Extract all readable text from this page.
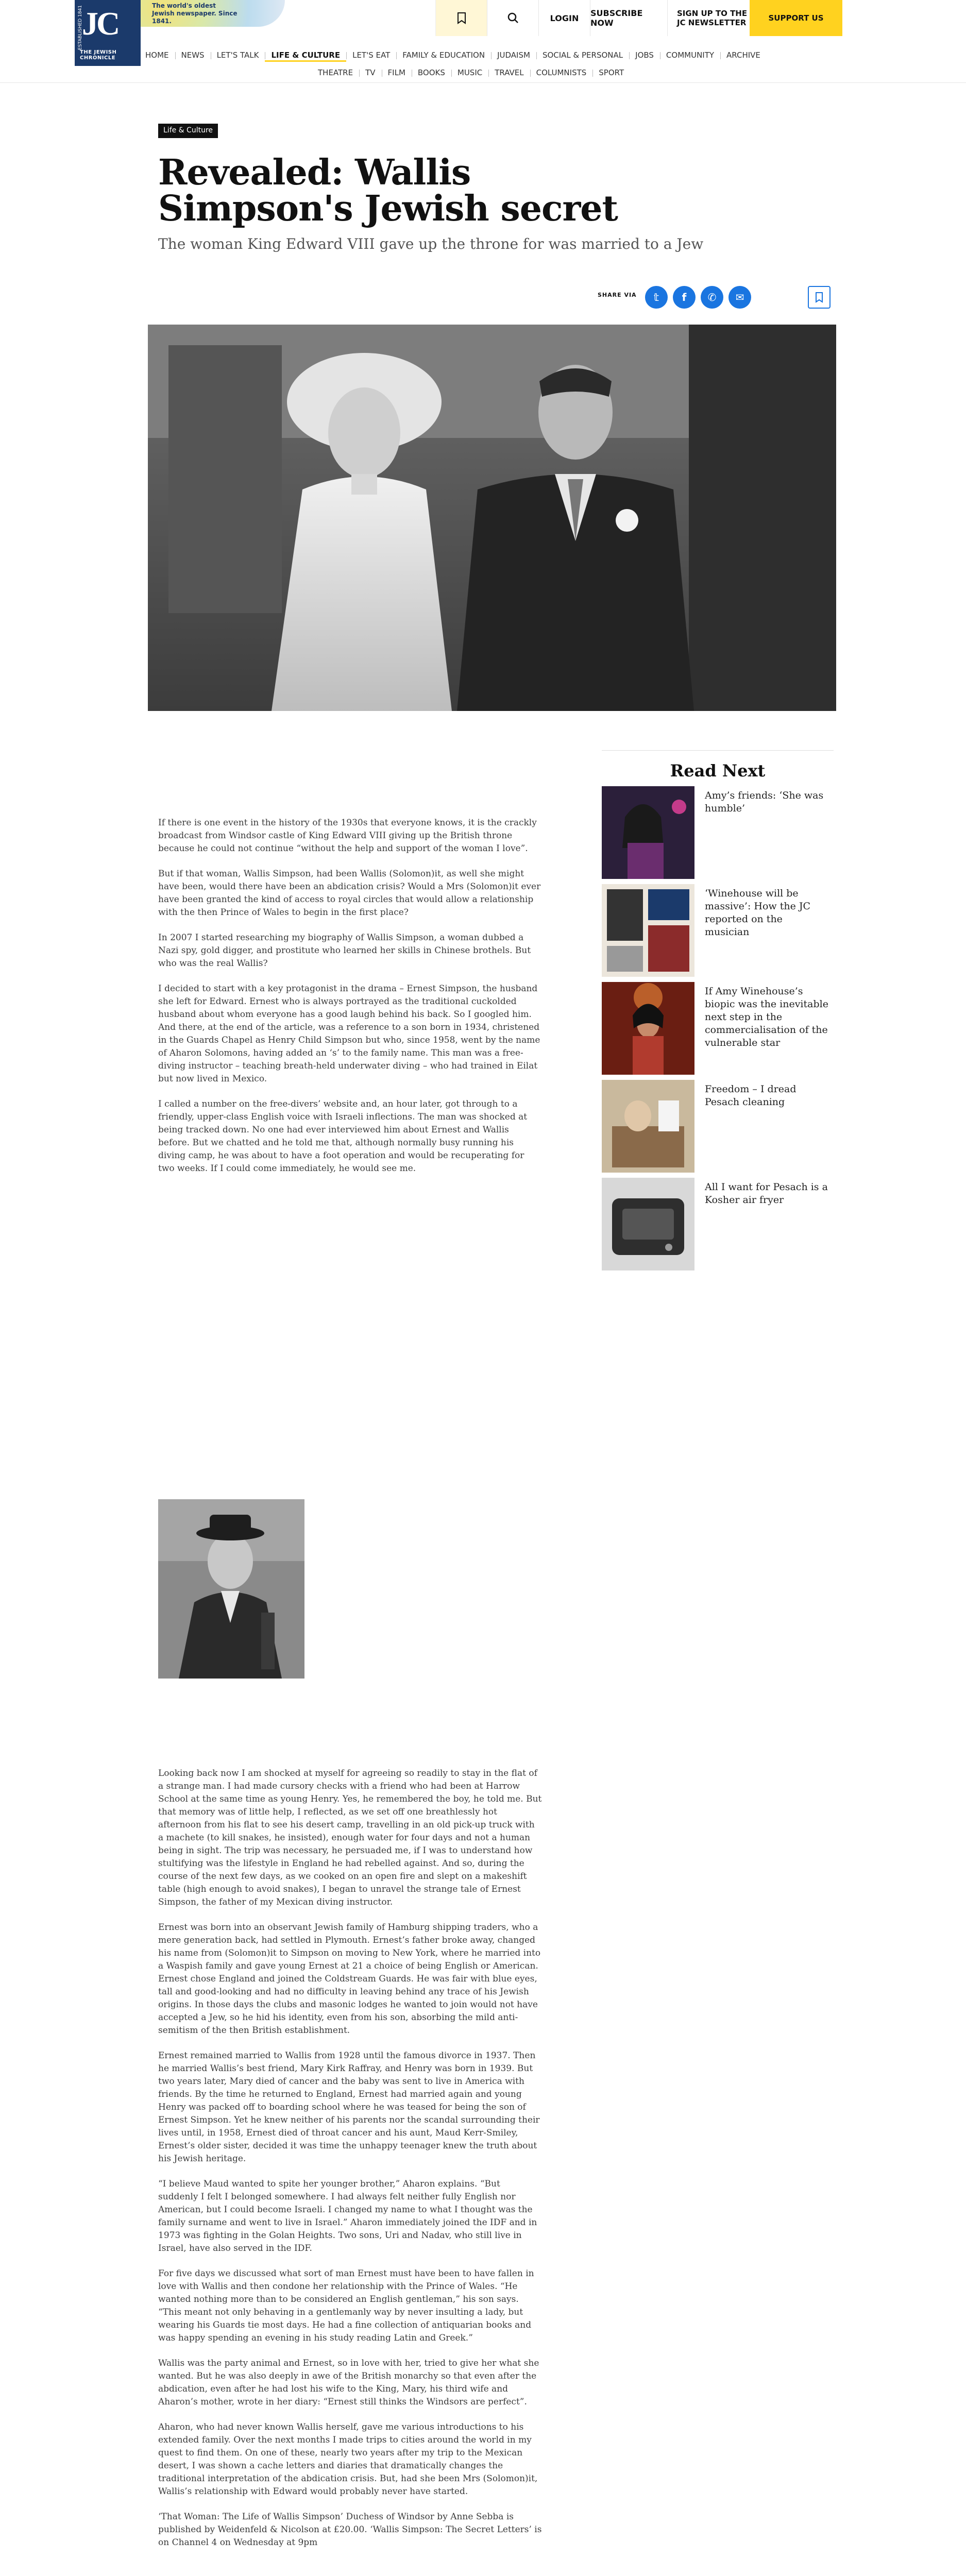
The world's oldest Jewish newspaper. Since 1841.
ESTABLISHED 1841
JC
THE JEWISH CHRONICLE
LOGIN	SUBSCRIBE NOW
SIGN UP TO THE JC NEWSLETTER	SUPPORT US
HOME	NEWS	LET'S TALK	LIFE & CULTURE	LET'S EAT	FAMILY & EDUCATION	JUDAISM	SOCIAL & PERSONAL	JOBS	COMMUNITY	ARCHIVE
THEATRE	TV	FILM	BOOKS	MUSIC	TRAVEL	COLUMNISTS	SPORT
Life & Culture
Revealed: Wallis Simpson's Jewish secret
The woman King Edward VIII gave up the throne for was married to a Jew
SHARE VIA 𝕥 f ✆ ✉
Read Next
Amy’s friends: ‘She was humble’
‘Winehouse will be massive’: How the JC reported on the musician
If Amy Winehouse’s biopic was the inevitable next step in the commercialisation of the vulnerable star
Freedom – I dread Pesach cleaning
All I want for Pesach is a Kosher air fryer

If there is one event in the history of the 1930s that everyone knows, it is the crackly broadcast from Windsor castle of King Edward VIII giving up the British throne because he could not continue “without the help and support of the woman I love”.

But if that woman, Wallis Simpson, had been Wallis (Solomon)it, as well she might have been, would there have been an abdication crisis? Would a Mrs (Solomon)it ever have been granted the kind of access to royal circles that would allow a relationship with the then Prince of Wales to begin in the first place?

In 2007 I started researching my biography of Wallis Simpson, a woman dubbed a Nazi spy, gold digger, and prostitute who learned her skills in Chinese brothels. But who was the real Wallis?

I decided to start with a key protagonist in the drama – Ernest Simpson, the husband she left for Edward. Ernest who is always portrayed as the traditional cuckolded husband about whom everyone has a good laugh behind his back. So I googled him. And there, at the end of the article, was a reference to a son born in 1934, christened in the Guards Chapel as Henry Child Simpson but who, since 1958, went by the name of Aharon Solomons, having added an ‘s’ to the family name. This man was a free-diving instructor – teaching breath-held underwater diving – who had trained in Eilat but now lived in Mexico.

I called a number on the free-divers’ website and, an hour later, got through to a friendly, upper-class English voice with Israeli inflections. The man was shocked at being tracked down. No one had ever interviewed him about Ernest and Wallis before. But we chatted and he told me that, although normally busy running his diving camp, he was about to have a foot operation and would be recuperating for two weeks. If I could come immediately, he would see me.

Looking back now I am shocked at myself for agreeing so readily to stay in the flat of a strange man. I had made cursory checks with a friend who had been at Harrow School at the same time as young Henry. Yes, he remembered the boy, he told me. But that memory was of little help, I reflected, as we set off one breathlessly hot afternoon from his flat to see his desert camp, travelling in an old pick-up truck with a machete (to kill snakes, he insisted), enough water for four days and not a human being in sight. The trip was necessary, he persuaded me, if I was to understand how stultifying was the lifestyle in England he had rebelled against. And so, during the course of the next few days, as we cooked on an open fire and slept on a makeshift table (high enough to avoid snakes), I began to unravel the strange tale of Ernest Simpson, the father of my Mexican diving instructor.

Ernest was born into an observant Jewish family of Hamburg shipping traders, who a mere generation back, had settled in Plymouth. Ernest’s father broke away, changed his name from (Solomon)it to Simpson on moving to New York, where he married into a Waspish family and gave young Ernest at 21 a choice of being English or American. Ernest chose England and joined the Coldstream Guards. He was fair with blue eyes, tall and good-looking and had no difficulty in leaving behind any trace of his Jewish origins. In those days the clubs and masonic lodges he wanted to join would not have accepted a Jew, so he hid his identity, even from his son, absorbing the mild anti-semitism of the then British establishment.

Ernest remained married to Wallis from 1928 until the famous divorce in 1937. Then he married Wallis’s best friend, Mary Kirk Raffray, and Henry was born in 1939. But two years later, Mary died of cancer and the baby was sent to live in America with friends. By the time he returned to England, Ernest had married again and young Henry was packed off to boarding school where he was teased for being the son of Ernest Simpson. Yet he knew neither of his parents nor the scandal surrounding their lives until, in 1958, Ernest died of throat cancer and his aunt, Maud Kerr-Smiley, Ernest’s older sister, decided it was time the unhappy teenager knew the truth about his Jewish heritage.

“I believe Maud wanted to spite her younger brother,” Aharon explains. “But suddenly I felt I belonged somewhere. I had always felt neither fully English nor American, but I could become Israeli. I changed my name to what I thought was the family surname and went to live in Israel.” Aharon immediately joined the IDF and in 1973 was fighting in the Golan Heights. Two sons, Uri and Nadav, who still live in Israel, have also served in the IDF.

For five days we discussed what sort of man Ernest must have been to have fallen in love with Wallis and then condone her relationship with the Prince of Wales. “He wanted nothing more than to be considered an English gentleman,” his son says. “This meant not only behaving in a gentlemanly way by never insulting a lady, but wearing his Guards tie most days. He had a fine collection of antiquarian books and was happy spending an evening in his study reading Latin and Greek.”

Wallis was the party animal and Ernest, so in love with her, tried to give her what she wanted. But he was also deeply in awe of the British monarchy so that even after the abdication, even after he had lost his wife to the King, Mary, his third wife and Aharon’s mother, wrote in her diary: “Ernest still thinks the Windsors are perfect”.

Aharon, who had never known Wallis herself, gave me various introductions to his extended family. Over the next months I made trips to cities around the world in my quest to find them. On one of these, nearly two years after my trip to the Mexican desert, I was shown a cache letters and diaries that dramatically changes the traditional interpretation of the abdication crisis. But, had she been Mrs (Solomon)it, Wallis’s relationship with Edward would probably never have started.

‘That Woman: The Life of Wallis Simpson’ Duchess of Windsor by Anne Sebba is published by Weidenfeld & Nicolson at £20.00. ‘Wallis Simpson: The Secret Letters’ is on Channel 4 on Wednesday at 9pm
